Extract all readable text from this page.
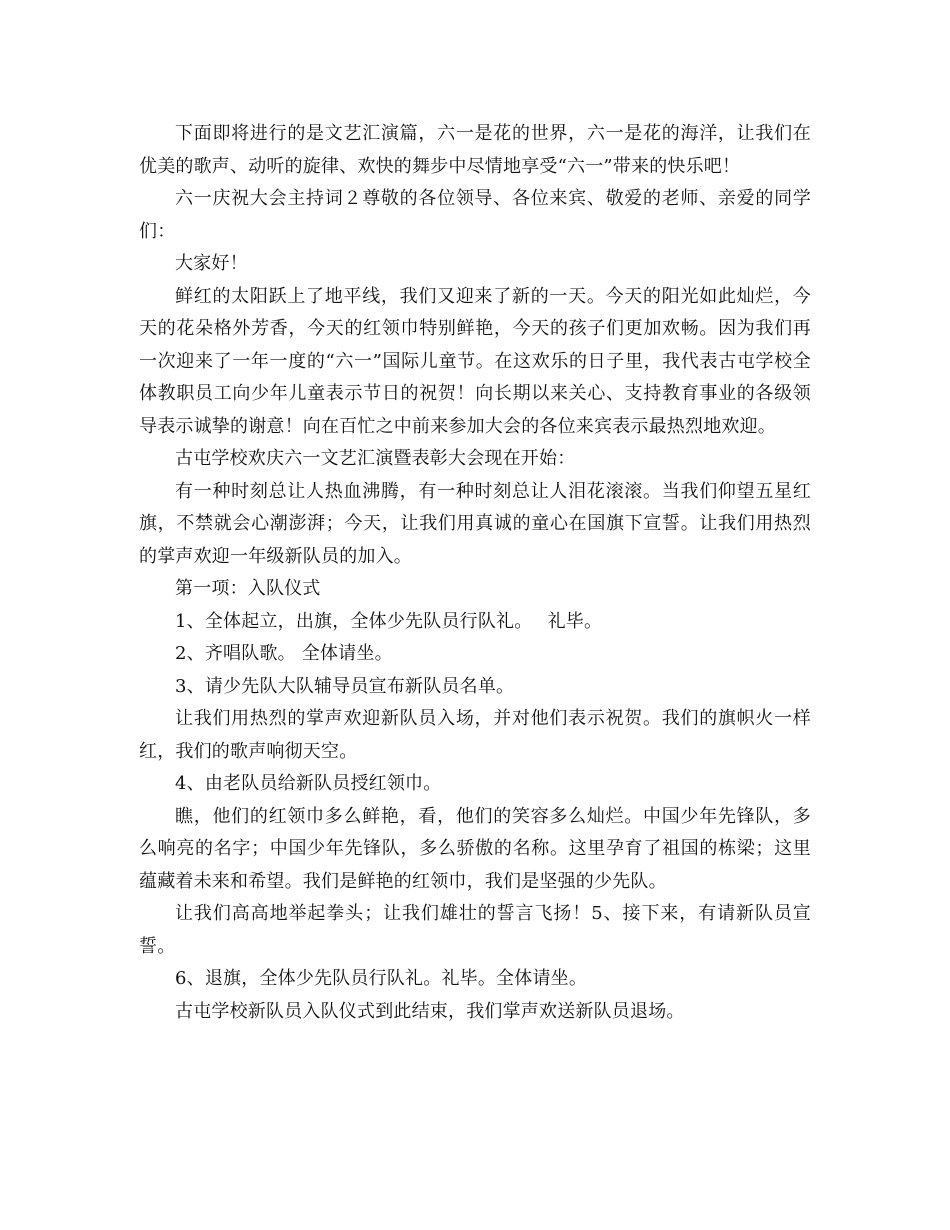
下面即将进行的是文艺汇演篇，六一是花的世界，六一是花的海洋，让我们在优美的歌声、动听的旋律、欢快的舞步中尽情地享受“六一”带来的快乐吧！

六一庆祝大会主持词２尊敬的各位领导、各位来宾、敬爱的老师、亲爱的同学们：

大家好！

鲜红的太阳跃上了地平线，我们又迎来了新的一天。今天的阳光如此灿烂，今天的花朵格外芳香，今天的红领巾特别鲜艳，今天的孩子们更加欢畅。因为我们再一次迎来了一年一度的“六一”国际儿童节。在这欢乐的日子里，我代表古屯学校全体教职员工向少年儿童表示节日的祝贺！向长期以来关心、支持教育事业的各级领导表示诚挚的谢意！向在百忙之中前来参加大会的各位来宾表示最热烈地欢迎。

古屯学校欢庆六一文艺汇演暨表彰大会现在开始：

有一种时刻总让人热血沸腾，有一种时刻总让人泪花滚滚。当我们仰望五星红旗，不禁就会心潮澎湃；今天，让我们用真诚的童心在国旗下宣誓。让我们用热烈的掌声欢迎一年级新队员的加入。

第一项：入队仪式

1、全体起立，出旗，全体少先队员行队礼。　 礼毕。

2、齐唱队歌。 全体请坐。

3、请少先队大队辅导员宣布新队员名单。

让我们用热烈的掌声欢迎新队员入场，并对他们表示祝贺。我们的旗帜火一样红，我们的歌声响彻天空。

4、由老队员给新队员授红领巾。

瞧，他们的红领巾多么鲜艳，看，他们的笑容多么灿烂。中国少年先锋队，多么响亮的名字；中国少年先锋队，多么骄傲的名称。这里孕育了祖国的栋梁；这里蕴藏着未来和希望。我们是鲜艳的红领巾，我们是坚强的少先队。

让我们高高地举起拳头；让我们雄壮的誓言飞扬！5、接下来，有请新队员宣誓。

6、退旗，全体少先队员行队礼。礼毕。全体请坐。

古屯学校新队员入队仪式到此结束，我们掌声欢送新队员退场。
